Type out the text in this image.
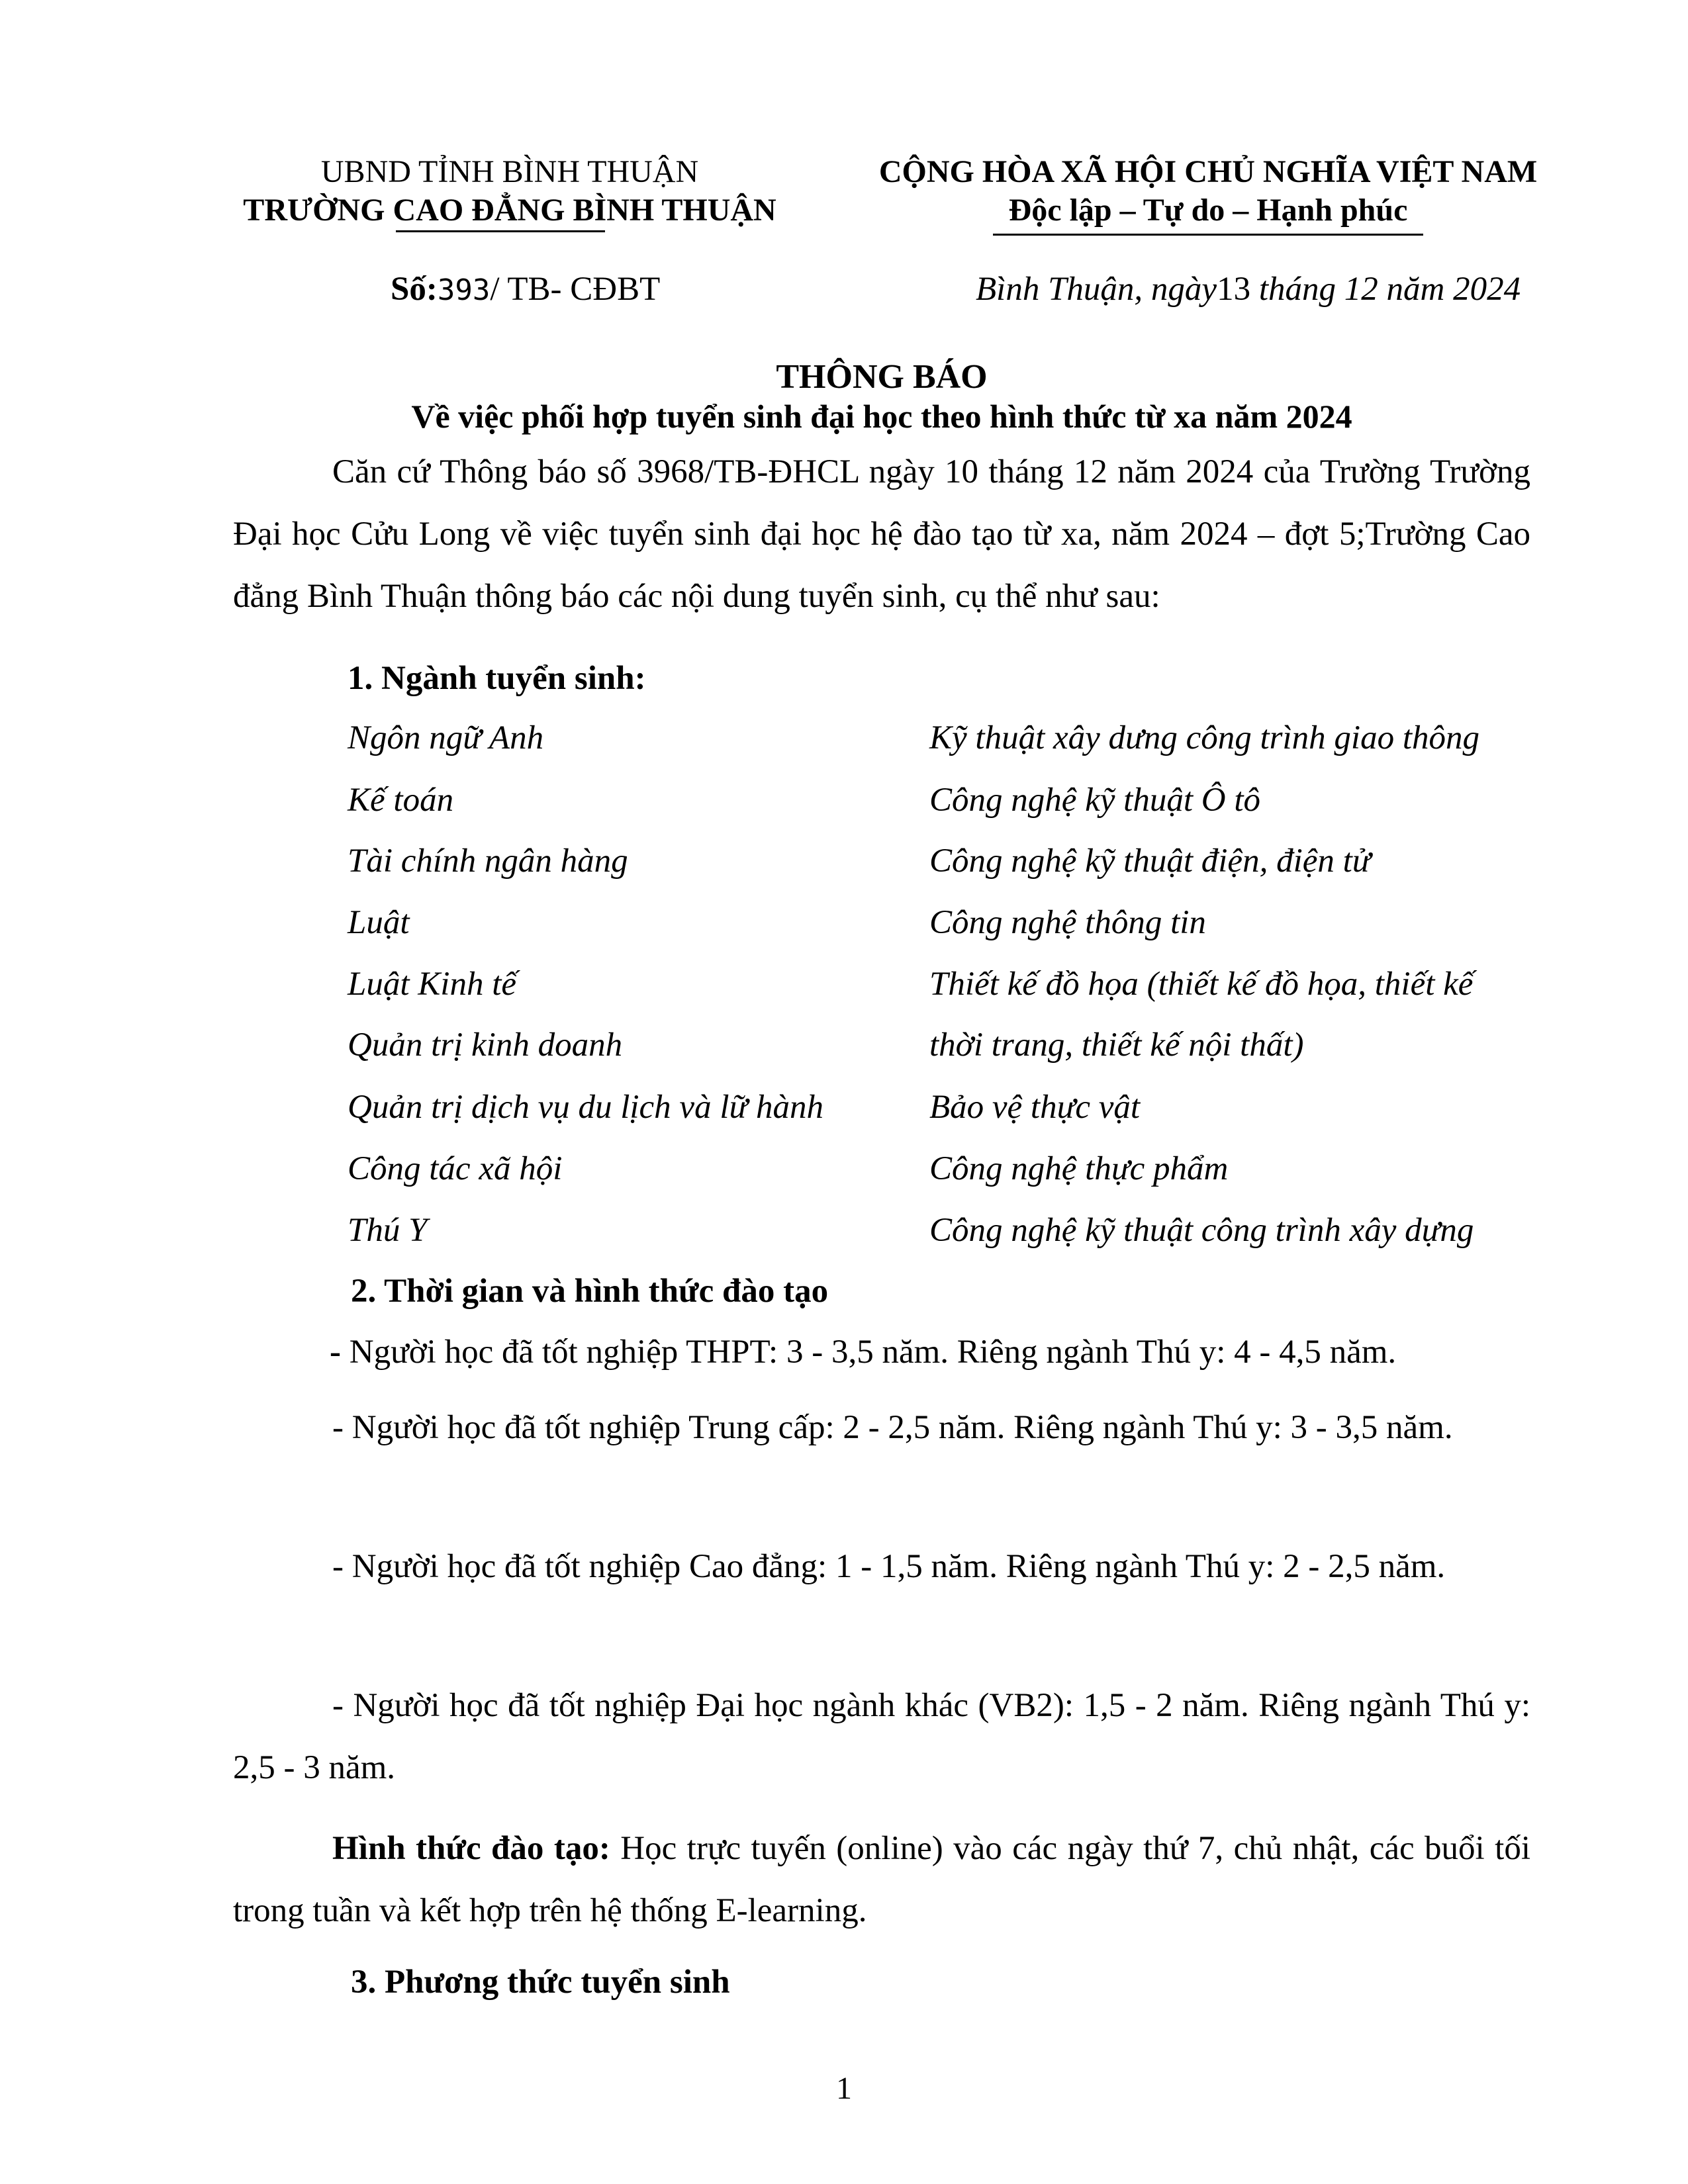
UBND TỈNH BÌNH THUẬN
TRƯỜNG CAO ĐẲNG BÌNH THUẬN
CỘNG HÒA XÃ HỘI CHỦ NGHĨA VIỆT NAM
Độc lập – Tự do – Hạnh phúc
Số:393/ TB- CĐBT	Bình Thuận, ngày13 tháng 12 năm 2024
THÔNG BÁO
Về việc phối hợp tuyển sinh đại học theo hình thức từ xa năm 2024
Căn cứ Thông báo số 3968/TB-ĐHCL ngày 10 tháng 12 năm 2024 của Trường Trường Đại học Cửu Long về việc tuyển sinh đại học hệ đào tạo từ xa, năm 2024 – đợt 5;Trường Cao đẳng Bình Thuận thông báo các nội dung tuyển sinh, cụ thể như sau:
1. Ngành tuyển sinh:
Ngôn ngữ Anh
Kế toán
Tài chính ngân hàng
Luật
Luật Kinh tế
Quản trị kinh doanh
Quản trị dịch vụ du lịch và lữ hành
Công tác xã hội
Thú Y
Kỹ thuật xây dưng công trình giao thông
Công nghệ kỹ thuật Ô tô
Công nghệ kỹ thuật điện, điện tử
Công nghệ thông tin
Thiết kế đồ họa (thiết kế đồ họa, thiết kế
thời trang, thiết kế nội thất)
Bảo vệ thực vật
Công nghệ thực phẩm
Công nghệ kỹ thuật công trình xây dựng
2. Thời gian và hình thức đào tạo
- Người học đã tốt nghiệp THPT: 3 - 3,5 năm. Riêng ngành Thú y: 4 - 4,5 năm.
- Người học đã tốt nghiệp Trung cấp: 2 - 2,5 năm. Riêng ngành Thú y: 3 - 3,5 năm.
- Người học đã tốt nghiệp Cao đẳng: 1 - 1,5 năm. Riêng ngành Thú y: 2 - 2,5 năm.
- Người học đã tốt nghiệp Đại học ngành khác (VB2): 1,5 - 2 năm. Riêng ngành Thú y: 2,5 - 3 năm.
Hình thức đào tạo: Học trực tuyến (online) vào các ngày thứ 7, chủ nhật, các buổi tối trong tuần và kết hợp trên hệ thống E-learning.
3. Phương thức tuyển sinh
1
